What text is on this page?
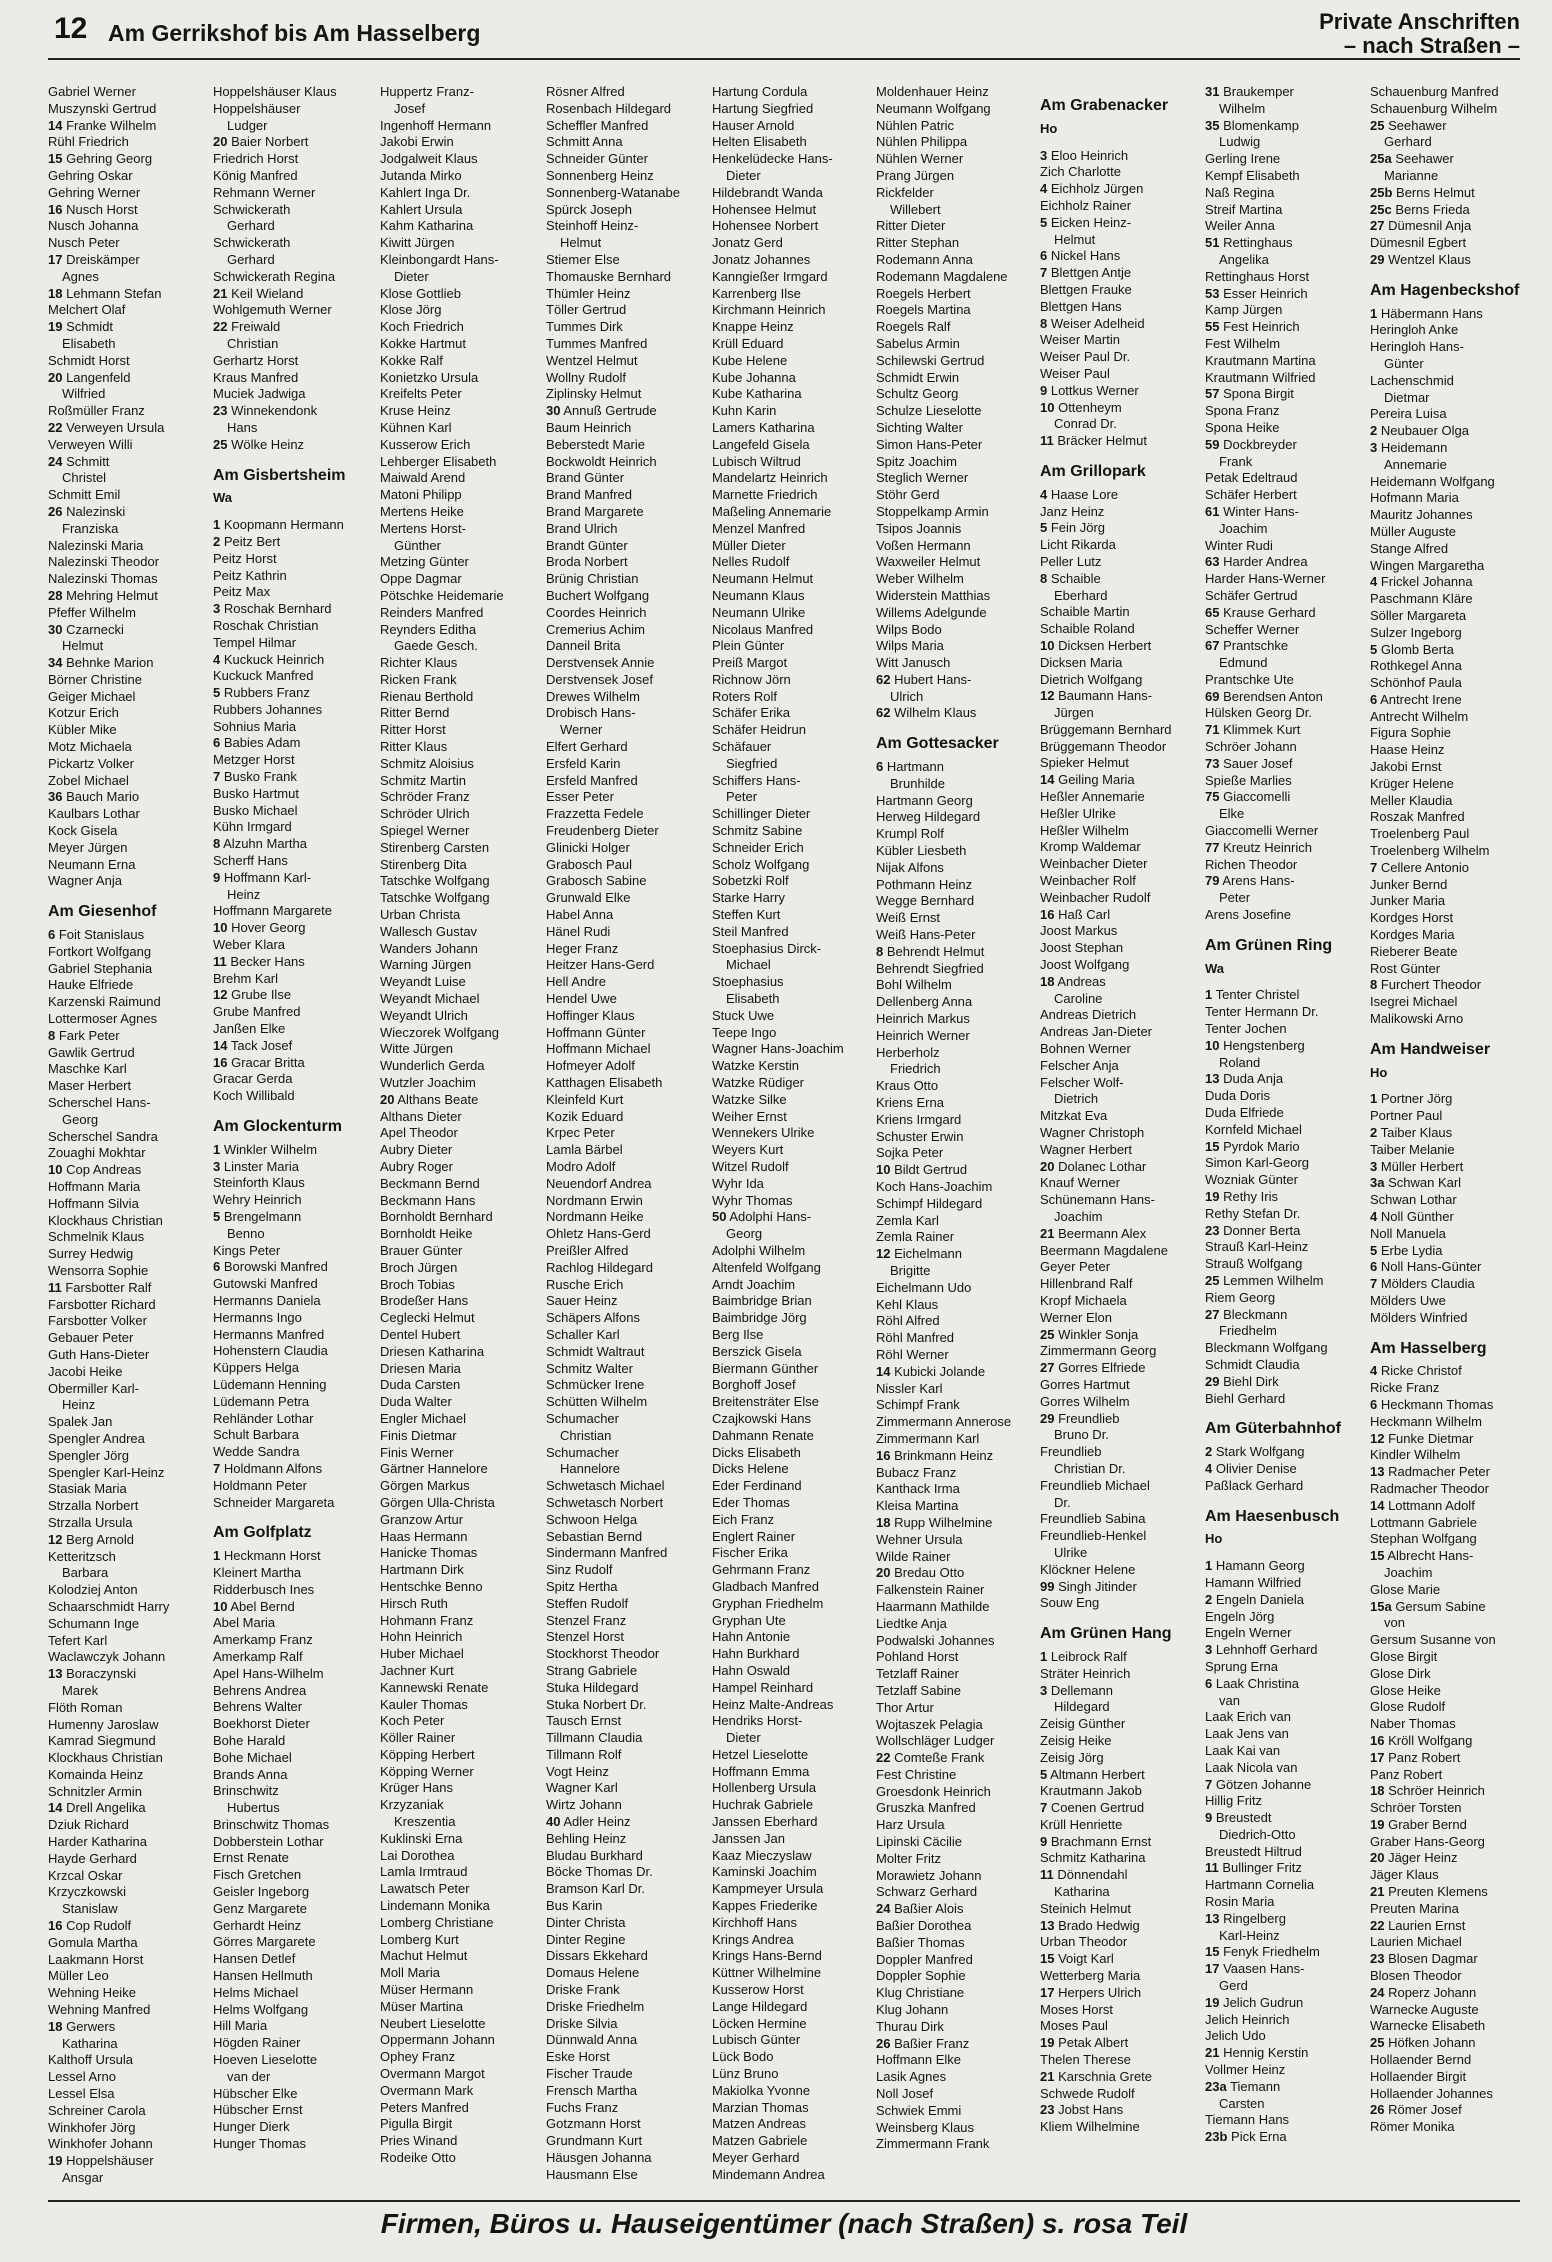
12 Am Gerrikshof bis Am Hasselberg	Private Anschriften
– nach Straßen –
Gabriel Werner
Muszynski Gertrud
14 Franke Wilhelm
Rühl Friedrich
15 Gehring Georg
Gehring Oskar
Gehring Werner
16 Nusch Horst
Nusch Johanna
Nusch Peter
17 Dreiskämper
Agnes
18 Lehmann Stefan
Melchert Olaf
19 Schmidt
Elisabeth
Schmidt Horst
20 Langenfeld
Wilfried
Roßmüller Franz
22 Verweyen Ursula
Verweyen Willi
24 Schmitt
Christel
Schmitt Emil
26 Nalezinski
Franziska
Nalezinski Maria
Nalezinski Theodor
Nalezinski Thomas
28 Mehring Helmut
Pfeffer Wilhelm
30 Czarnecki
Helmut
34 Behnke Marion
Börner Christine
Geiger Michael
Kotzur Erich
Kübler Mike
Motz Michaela
Pickartz Volker
Zobel Michael
36 Bauch Mario
Kaulbars Lothar
Kock Gisela
Meyer Jürgen
Neumann Erna
Wagner Anja
Am Giesenhof
6 Foit Stanislaus
Fortkort Wolfgang
Gabriel Stephania
Hauke Elfriede
Karzenski Raimund
Lottermoser Agnes
8 Fark Peter
Gawlik Gertrud
Maschke Karl
Maser Herbert
Scherschel Hans-
Georg
Scherschel Sandra
Zouaghi Mokhtar
10 Cop Andreas
Hoffmann Maria
Hoffmann Silvia
Klockhaus Christian
Schmelnik Klaus
Surrey Hedwig
Wensorra Sophie
11 Farsbotter Ralf
Farsbotter Richard
Farsbotter Volker
Gebauer Peter
Guth Hans-Dieter
Jacobi Heike
Obermiller Karl-
Heinz
Spalek Jan
Spengler Andrea
Spengler Jörg
Spengler Karl-Heinz
Stasiak Maria
Strzalla Norbert
Strzalla Ursula
12 Berg Arnold
Ketteritzsch
Barbara
Kolodziej Anton
Schaarschmidt Harry
Schumann Inge
Tefert Karl
Waclawczyk Johann
13 Boraczynski
Marek
Flöth Roman
Humenny Jaroslaw
Kamrad Siegmund
Klockhaus Christian
Komainda Heinz
Schnitzler Armin
14 Drell Angelika
Dziuk Richard
Harder Katharina
Hayde Gerhard
Krzcal Oskar
Krzyczkowski
Stanislaw
16 Cop Rudolf
Gomula Martha
Laakmann Horst
Müller Leo
Wehning Heike
Wehning Manfred
18 Gerwers
Katharina
Kalthoff Ursula
Lessel Arno
Lessel Elsa
Schreiner Carola
Winkhofer Jörg
Winkhofer Johann
19 Hoppelshäuser
Ansgar
Hoppelshäuser Klaus
Hoppelshäuser
Ludger
20 Baier Norbert
Friedrich Horst
König Manfred
Rehmann Werner
Schwickerath
Gerhard
Schwickerath
Gerhard
Schwickerath Regina
21 Keil Wieland
Wohlgemuth Werner
22 Freiwald
Christian
Gerhartz Horst
Kraus Manfred
Muciek Jadwiga
23 Winnekendonk
Hans
25 Wölke Heinz
Am Gisbertsheim
Wa
1 Koopmann Hermann
2 Peitz Bert
Peitz Horst
Peitz Kathrin
Peitz Max
3 Roschak Bernhard
Roschak Christian
Tempel Hilmar
4 Kuckuck Heinrich
Kuckuck Manfred
5 Rubbers Franz
Rubbers Johannes
Sohnius Maria
6 Babies Adam
Metzger Horst
7 Busko Frank
Busko Hartmut
Busko Michael
Kühn Irmgard
8 Alzuhn Martha
Scherff Hans
9 Hoffmann Karl-
Heinz
Hoffmann Margarete
10 Hover Georg
Weber Klara
11 Becker Hans
Brehm Karl
12 Grube Ilse
Grube Manfred
Janßen Elke
14 Tack Josef
16 Gracar Britta
Gracar Gerda
Koch Willibald
Am Glockenturm
1 Winkler Wilhelm
3 Linster Maria
Steinforth Klaus
Wehry Heinrich
5 Brengelmann
Benno
Kings Peter
6 Borowski Manfred
Gutowski Manfred
Hermanns Daniela
Hermanns Ingo
Hermanns Manfred
Hohenstern Claudia
Küppers Helga
Lüdemann Henning
Lüdemann Petra
Rehländer Lothar
Schult Barbara
Wedde Sandra
7 Holdmann Alfons
Holdmann Peter
Schneider Margareta
Am Golfplatz
1 Heckmann Horst
Kleinert Martha
Ridderbusch Ines
10 Abel Bernd
Abel Maria
Amerkamp Franz
Amerkamp Ralf
Apel Hans-Wilhelm
Behrens Andrea
Behrens Walter
Boekhorst Dieter
Bohe Harald
Bohe Michael
Brands Anna
Brinschwitz
Hubertus
Brinschwitz Thomas
Dobberstein Lothar
Ernst Renate
Fisch Gretchen
Geisler Ingeborg
Genz Margarete
Gerhardt Heinz
Görres Margarete
Hansen Detlef
Hansen Hellmuth
Helms Michael
Helms Wolfgang
Hill Maria
Högden Rainer
Hoeven Lieselotte
van der
Hübscher Elke
Hübscher Ernst
Hunger Dierk
Hunger Thomas
Huppertz Franz-
Josef
Ingenhoff Hermann
Jakobi Erwin
Jodgalweit Klaus
Jutanda Mirko
Kahlert Inga Dr.
Kahlert Ursula
Kahm Katharina
Kiwitt Jürgen
Kleinbongardt Hans-
Dieter
Klose Gottlieb
Klose Jörg
Koch Friedrich
Kokke Hartmut
Kokke Ralf
Konietzko Ursula
Kreifelts Peter
Kruse Heinz
Kühnen Karl
Kusserow Erich
Lehberger Elisabeth
Maiwald Arend
Matoni Philipp
Mertens Heike
Mertens Horst-
Günther
Metzing Günter
Oppe Dagmar
Pötschke Heidemarie
Reinders Manfred
Reynders Editha
Gaede Gesch.
Richter Klaus
Ricken Frank
Rienau Berthold
Ritter Bernd
Ritter Horst
Ritter Klaus
Schmitz Aloisius
Schmitz Martin
Schröder Franz
Schröder Ulrich
Spiegel Werner
Stirenberg Carsten
Stirenberg Dita
Tatschke Wolfgang
Tatschke Wolfgang
Urban Christa
Wallesch Gustav
Wanders Johann
Warning Jürgen
Weyandt Luise
Weyandt Michael
Weyandt Ulrich
Wieczorek Wolfgang
Witte Jürgen
Wunderlich Gerda
Wutzler Joachim
20 Althans Beate
Althans Dieter
Apel Theodor
Aubry Dieter
Aubry Roger
Beckmann Bernd
Beckmann Hans
Bornholdt Bernhard
Bornholdt Heike
Brauer Günter
Broch Jürgen
Broch Tobias
Brodeßer Hans
Ceglecki Helmut
Dentel Hubert
Driesen Katharina
Driesen Maria
Duda Carsten
Duda Walter
Engler Michael
Finis Dietmar
Finis Werner
Gärtner Hannelore
Görgen Markus
Görgen Ulla-Christa
Granzow Artur
Haas Hermann
Hanicke Thomas
Hartmann Dirk
Hentschke Benno
Hirsch Ruth
Hohmann Franz
Hohn Heinrich
Huber Michael
Jachner Kurt
Kannewski Renate
Kauler Thomas
Koch Peter
Köller Rainer
Köpping Herbert
Köpping Werner
Krüger Hans
Krzyzaniak
Kreszentia
Kuklinski Erna
Lai Dorothea
Lamla Irmtraud
Lawatsch Peter
Lindemann Monika
Lomberg Christiane
Lomberg Kurt
Machut Helmut
Moll Maria
Müser Hermann
Müser Martina
Neubert Lieselotte
Oppermann Johann
Ophey Franz
Overmann Margot
Overmann Mark
Peters Manfred
Pigulla Birgit
Pries Winand
Rodeike Otto
Rösner Alfred
Rosenbach Hildegard
Scheffler Manfred
Schmitt Anna
Schneider Günter
Sonnenberg Heinz
Sonnenberg-Watanabe
Spürck Joseph
Steinhoff Heinz-
Helmut
Stiemer Else
Thomauske Bernhard
Thümler Heinz
Töller Gertrud
Tummes Dirk
Tummes Manfred
Wentzel Helmut
Wollny Rudolf
Ziplinsky Helmut
30 Annuß Gertrude
Baum Heinrich
Beberstedt Marie
Bockwoldt Heinrich
Brand Günter
Brand Manfred
Brand Margarete
Brand Ulrich
Brandt Günter
Broda Norbert
Brünig Christian
Buchert Wolfgang
Coordes Heinrich
Cremerius Achim
Danneil Brita
Derstvensek Annie
Derstvensek Josef
Drewes Wilhelm
Drobisch Hans-
Werner
Elfert Gerhard
Ersfeld Karin
Ersfeld Manfred
Esser Peter
Frazzetta Fedele
Freudenberg Dieter
Glinicki Holger
Grabosch Paul
Grabosch Sabine
Grunwald Elke
Habel Anna
Hänel Rudi
Heger Franz
Heitzer Hans-Gerd
Hell Andre
Hendel Uwe
Hoffinger Klaus
Hoffmann Günter
Hoffmann Michael
Hofmeyer Adolf
Katthagen Elisabeth
Kleinfeld Kurt
Kozik Eduard
Krpec Peter
Lamla Bärbel
Modro Adolf
Neuendorf Andrea
Nordmann Erwin
Nordmann Heike
Ohletz Hans-Gerd
Preißler Alfred
Rachlog Hildegard
Rusche Erich
Sauer Heinz
Schäpers Alfons
Schaller Karl
Schmidt Waltraut
Schmitz Walter
Schmücker Irene
Schütten Wilhelm
Schumacher
Christian
Schumacher
Hannelore
Schwetasch Michael
Schwetasch Norbert
Schwoon Helga
Sebastian Bernd
Sindermann Manfred
Sinz Rudolf
Spitz Hertha
Steffen Rudolf
Stenzel Franz
Stenzel Horst
Stockhorst Theodor
Strang Gabriele
Stuka Hildegard
Stuka Norbert Dr.
Tausch Ernst
Tillmann Claudia
Tillmann Rolf
Vogt Heinz
Wagner Karl
Wirtz Johann
40 Adler Heinz
Behling Heinz
Bludau Burkhard
Böcke Thomas Dr.
Bramson Karl Dr.
Bus Karin
Dinter Christa
Dinter Regine
Dissars Ekkehard
Domaus Helene
Driske Frank
Driske Friedhelm
Driske Silvia
Dünnwald Anna
Eske Horst
Fischer Traude
Frensch Martha
Fuchs Franz
Gotzmann Horst
Grundmann Kurt
Häusgen Johanna
Hausmann Else
Hartung Cordula
Hartung Siegfried
Hauser Arnold
Helten Elisabeth
Henkelüdecke Hans-
Dieter
Hildebrandt Wanda
Hohensee Helmut
Hohensee Norbert
Jonatz Gerd
Jonatz Johannes
Kanngießer Irmgard
Karrenberg Ilse
Kirchmann Heinrich
Knappe Heinz
Krüll Eduard
Kube Helene
Kube Johanna
Kube Katharina
Kuhn Karin
Lamers Katharina
Langefeld Gisela
Lubisch Wiltrud
Mandelartz Heinrich
Marnette Friedrich
Maßeling Annemarie
Menzel Manfred
Müller Dieter
Nelles Rudolf
Neumann Helmut
Neumann Klaus
Neumann Ulrike
Nicolaus Manfred
Plein Günter
Preiß Margot
Richnow Jörn
Roters Rolf
Schäfer Erika
Schäfer Heidrun
Schäfauer
Siegfried
Schiffers Hans-
Peter
Schillinger Dieter
Schmitz Sabine
Schneider Erich
Scholz Wolfgang
Sobetzki Rolf
Starke Harry
Steffen Kurt
Steil Manfred
Stoephasius Dirck-
Michael
Stoephasius
Elisabeth
Stuck Uwe
Teepe Ingo
Wagner Hans-Joachim
Watzke Kerstin
Watzke Rüdiger
Watzke Silke
Weiher Ernst
Wennekers Ulrike
Weyers Kurt
Witzel Rudolf
Wyhr Ida
Wyhr Thomas
50 Adolphi Hans-
Georg
Adolphi Wilhelm
Altenfeld Wolfgang
Arndt Joachim
Baimbridge Brian
Baimbridge Jörg
Berg Ilse
Berszick Gisela
Biermann Günther
Borghoff Josef
Breitensträter Else
Czajkowski Hans
Dahmann Renate
Dicks Elisabeth
Dicks Helene
Eder Ferdinand
Eder Thomas
Eich Franz
Englert Rainer
Fischer Erika
Gehrmann Franz
Gladbach Manfred
Gryphan Friedhelm
Gryphan Ute
Hahn Antonie
Hahn Burkhard
Hahn Oswald
Hampel Reinhard
Heinz Malte-Andreas
Hendriks Horst-
Dieter
Hetzel Lieselotte
Hoffmann Emma
Hollenberg Ursula
Huchrak Gabriele
Janssen Eberhard
Janssen Jan
Kaaz Mieczyslaw
Kaminski Joachim
Kampmeyer Ursula
Kappes Friederike
Kirchhoff Hans
Krings Andrea
Krings Hans-Bernd
Küttner Wilhelmine
Kusserow Horst
Lange Hildegard
Löcken Hermine
Lubisch Günter
Lück Bodo
Lünz Bruno
Makiolka Yvonne
Marzian Thomas
Matzen Andreas
Matzen Gabriele
Meyer Gerhard
Mindemann Andrea
Moldenhauer Heinz
Neumann Wolfgang
Nühlen Patric
Nühlen Philippa
Nühlen Werner
Prang Jürgen
Rickfelder
Willebert
Ritter Dieter
Ritter Stephan
Rodemann Anna
Rodemann Magdalene
Roegels Herbert
Roegels Martina
Roegels Ralf
Sabelus Armin
Schilewski Gertrud
Schmidt Erwin
Schultz Georg
Schulze Lieselotte
Sichting Walter
Simon Hans-Peter
Spitz Joachim
Steglich Werner
Stöhr Gerd
Stoppelkamp Armin
Tsipos Joannis
Voßen Hermann
Waxweiler Helmut
Weber Wilhelm
Widerstein Matthias
Willems Adelgunde
Wilps Bodo
Wilps Maria
Witt Janusch
62 Hubert Hans-
Ulrich
62 Wilhelm Klaus
Am Gottesacker
6 Hartmann
Brunhilde
Hartmann Georg
Herweg Hildegard
Krumpl Rolf
Kübler Liesbeth
Nijak Alfons
Pothmann Heinz
Wegge Bernhard
Weiß Ernst
Weiß Hans-Peter
8 Behrendt Helmut
Behrendt Siegfried
Bohl Wilhelm
Dellenberg Anna
Heinrich Markus
Heinrich Werner
Herberholz
Friedrich
Kraus Otto
Kriens Erna
Kriens Irmgard
Schuster Erwin
Sojka Peter
10 Bildt Gertrud
Koch Hans-Joachim
Schimpf Hildegard
Zemla Karl
Zemla Rainer
12 Eichelmann
Brigitte
Eichelmann Udo
Kehl Klaus
Röhl Alfred
Röhl Manfred
Röhl Werner
14 Kubicki Jolande
Nissler Karl
Schimpf Frank
Zimmermann Annerose
Zimmermann Karl
16 Brinkmann Heinz
Bubacz Franz
Kanthack Irma
Kleisa Martina
18 Rupp Wilhelmine
Wehner Ursula
Wilde Rainer
20 Bredau Otto
Falkenstein Rainer
Haarmann Mathilde
Liedtke Anja
Podwalski Johannes
Pohland Horst
Tetzlaff Rainer
Tetzlaff Sabine
Thor Artur
Wojtaszek Pelagia
Wollschläger Ludger
22 Comteße Frank
Fest Christine
Groesdonk Heinrich
Gruszka Manfred
Harz Ursula
Lipinski Cäcilie
Molter Fritz
Morawietz Johann
Schwarz Gerhard
24 Baßier Alois
Baßier Dorothea
Baßier Thomas
Doppler Manfred
Doppler Sophie
Klug Christiane
Klug Johann
Thurau Dirk
26 Baßier Franz
Hoffmann Elke
Lasik Agnes
Noll Josef
Schwiek Emmi
Weinsberg Klaus
Zimmermann Frank
Am Grabenacker
Ho
3 Eloo Heinrich
Zich Charlotte
4 Eichholz Jürgen
Eichholz Rainer
5 Eicken Heinz-
Helmut
6 Nickel Hans
7 Blettgen Antje
Blettgen Frauke
Blettgen Hans
8 Weiser Adelheid
Weiser Martin
Weiser Paul Dr.
Weiser Paul
9 Lottkus Werner
10 Ottenheym
Conrad Dr.
11 Bräcker Helmut
Am Grillopark
4 Haase Lore
Janz Heinz
5 Fein Jörg
Licht Rikarda
Peller Lutz
8 Schaible
Eberhard
Schaible Martin
Schaible Roland
10 Dicksen Herbert
Dicksen Maria
Dietrich Wolfgang
12 Baumann Hans-
Jürgen
Brüggemann Bernhard
Brüggemann Theodor
Spieker Helmut
14 Geiling Maria
Heßler Annemarie
Heßler Ulrike
Heßler Wilhelm
Kromp Waldemar
Weinbacher Dieter
Weinbacher Rolf
Weinbacher Rudolf
16 Haß Carl
Joost Markus
Joost Stephan
Joost Wolfgang
18 Andreas
Caroline
Andreas Dietrich
Andreas Jan-Dieter
Bohnen Werner
Felscher Anja
Felscher Wolf-
Dietrich
Mitzkat Eva
Wagner Christoph
Wagner Herbert
20 Dolanec Lothar
Knauf Werner
Schünemann Hans-
Joachim
21 Beermann Alex
Beermann Magdalene
Geyer Peter
Hillenbrand Ralf
Kropf Michaela
Werner Elon
25 Winkler Sonja
Zimmermann Georg
27 Gorres Elfriede
Gorres Hartmut
Gorres Wilhelm
29 Freundlieb
Bruno Dr.
Freundlieb
Christian Dr.
Freundlieb Michael
Dr.
Freundlieb Sabina
Freundlieb-Henkel
Ulrike
Klöckner Helene
99 Singh Jitinder
Souw Eng
Am Grünen Hang
1 Leibrock Ralf
Sträter Heinrich
3 Dellemann
Hildegard
Zeisig Günther
Zeisig Heike
Zeisig Jörg
5 Altmann Herbert
Krautmann Jakob
7 Coenen Gertrud
Krüll Henriette
9 Brachmann Ernst
Schmitz Katharina
11 Dönnendahl
Katharina
Steinich Helmut
13 Brado Hedwig
Urban Theodor
15 Voigt Karl
Wetterberg Maria
17 Herpers Ulrich
Moses Horst
Moses Paul
19 Petak Albert
Thelen Therese
21 Karschnia Grete
Schwede Rudolf
23 Jobst Hans
Kliem Wilhelmine
31 Braukemper
Wilhelm
35 Blomenkamp
Ludwig
Gerling Irene
Kempf Elisabeth
Naß Regina
Streif Martina
Weiler Anna
51 Rettinghaus
Angelika
Rettinghaus Horst
53 Esser Heinrich
Kamp Jürgen
55 Fest Heinrich
Fest Wilhelm
Krautmann Martina
Krautmann Wilfried
57 Spona Birgit
Spona Franz
Spona Heike
59 Dockbreyder
Frank
Petak Edeltraud
Schäfer Herbert
61 Winter Hans-
Joachim
Winter Rudi
63 Harder Andrea
Harder Hans-Werner
Schäfer Gertrud
65 Krause Gerhard
Scheffer Werner
67 Prantschke
Edmund
Prantschke Ute
69 Berendsen Anton
Hülsken Georg Dr.
71 Klimmek Kurt
Schröer Johann
73 Sauer Josef
Spieße Marlies
75 Giaccomelli
Elke
Giaccomelli Werner
77 Kreutz Heinrich
Richen Theodor
79 Arens Hans-
Peter
Arens Josefine
Am Grünen Ring
Wa
1 Tenter Christel
Tenter Hermann Dr.
Tenter Jochen
10 Hengstenberg
Roland
13 Duda Anja
Duda Doris
Duda Elfriede
Kornfeld Michael
15 Pyrdok Mario
Simon Karl-Georg
Wozniak Günter
19 Rethy Iris
Rethy Stefan Dr.
23 Donner Berta
Strauß Karl-Heinz
Strauß Wolfgang
25 Lemmen Wilhelm
Riem Georg
27 Bleckmann
Friedhelm
Bleckmann Wolfgang
Schmidt Claudia
29 Biehl Dirk
Biehl Gerhard
Am Güterbahnhof
2 Stark Wolfgang
4 Olivier Denise
Paßlack Gerhard
Am Haesenbusch
Ho
1 Hamann Georg
Hamann Wilfried
2 Engeln Daniela
Engeln Jörg
Engeln Werner
3 Lehnhoff Gerhard
Sprung Erna
6 Laak Christina
van
Laak Erich van
Laak Jens van
Laak Kai van
Laak Nicola van
7 Götzen Johanne
Hillig Fritz
9 Breustedt
Diedrich-Otto
Breustedt Hiltrud
11 Bullinger Fritz
Hartmann Cornelia
Rosin Maria
13 Ringelberg
Karl-Heinz
15 Fenyk Friedhelm
17 Vaasen Hans-
Gerd
19 Jelich Gudrun
Jelich Heinrich
Jelich Udo
21 Hennig Kerstin
Vollmer Heinz
23a Tiemann
Carsten
Tiemann Hans
23b Pick Erna
Schauenburg Manfred
Schauenburg Wilhelm
25 Seehawer
Gerhard
25a Seehawer
Marianne
25b Berns Helmut
25c Berns Frieda
27 Dümesnil Anja
Dümesnil Egbert
29 Wentzel Klaus
Am Hagenbeckshof
1 Häbermann Hans
Heringloh Anke
Heringloh Hans-
Günter
Lachenschmid
Dietmar
Pereira Luisa
2 Neubauer Olga
3 Heidemann
Annemarie
Heidemann Wolfgang
Hofmann Maria
Mauritz Johannes
Müller Auguste
Stange Alfred
Wingen Margaretha
4 Frickel Johanna
Paschmann Kläre
Söller Margareta
Sulzer Ingeborg
5 Glomb Berta
Rothkegel Anna
Schönhof Paula
6 Antrecht Irene
Antrecht Wilhelm
Figura Sophie
Haase Heinz
Jakobi Ernst
Krüger Helene
Meller Klaudia
Roszak Manfred
Troelenberg Paul
Troelenberg Wilhelm
7 Cellere Antonio
Junker Bernd
Junker Maria
Kordges Horst
Kordges Maria
Rieberer Beate
Rost Günter
8 Furchert Theodor
Isegrei Michael
Malikowski Arno
Am Handweiser
Ho
1 Portner Jörg
Portner Paul
2 Taiber Klaus
Taiber Melanie
3 Müller Herbert
3a Schwan Karl
Schwan Lothar
4 Noll Günther
Noll Manuela
5 Erbe Lydia
6 Noll Hans-Günter
7 Mölders Claudia
Mölders Uwe
Mölders Winfried
Am Hasselberg
4 Ricke Christof
Ricke Franz
6 Heckmann Thomas
Heckmann Wilhelm
12 Funke Dietmar
Kindler Wilhelm
13 Radmacher Peter
Radmacher Theodor
14 Lottmann Adolf
Lottmann Gabriele
Stephan Wolfgang
15 Albrecht Hans-
Joachim
Glose Marie
15a Gersum Sabine
von
Gersum Susanne von
Glose Birgit
Glose Dirk
Glose Heike
Glose Rudolf
Naber Thomas
16 Kröll Wolfgang
17 Panz Robert
Panz Robert
18 Schröer Heinrich
Schröer Torsten
19 Graber Bernd
Graber Hans-Georg
20 Jäger Heinz
Jäger Klaus
21 Preuten Klemens
Preuten Marina
22 Laurien Ernst
Laurien Michael
23 Blosen Dagmar
Blosen Theodor
24 Roperz Johann
Warnecke Auguste
Warnecke Elisabeth
25 Höfken Johann
Hollaender Bernd
Hollaender Birgit
Hollaender Johannes
26 Römer Josef
Römer Monika
Firmen, Büros u. Hauseigentümer (nach Straßen) s. rosa Teil
